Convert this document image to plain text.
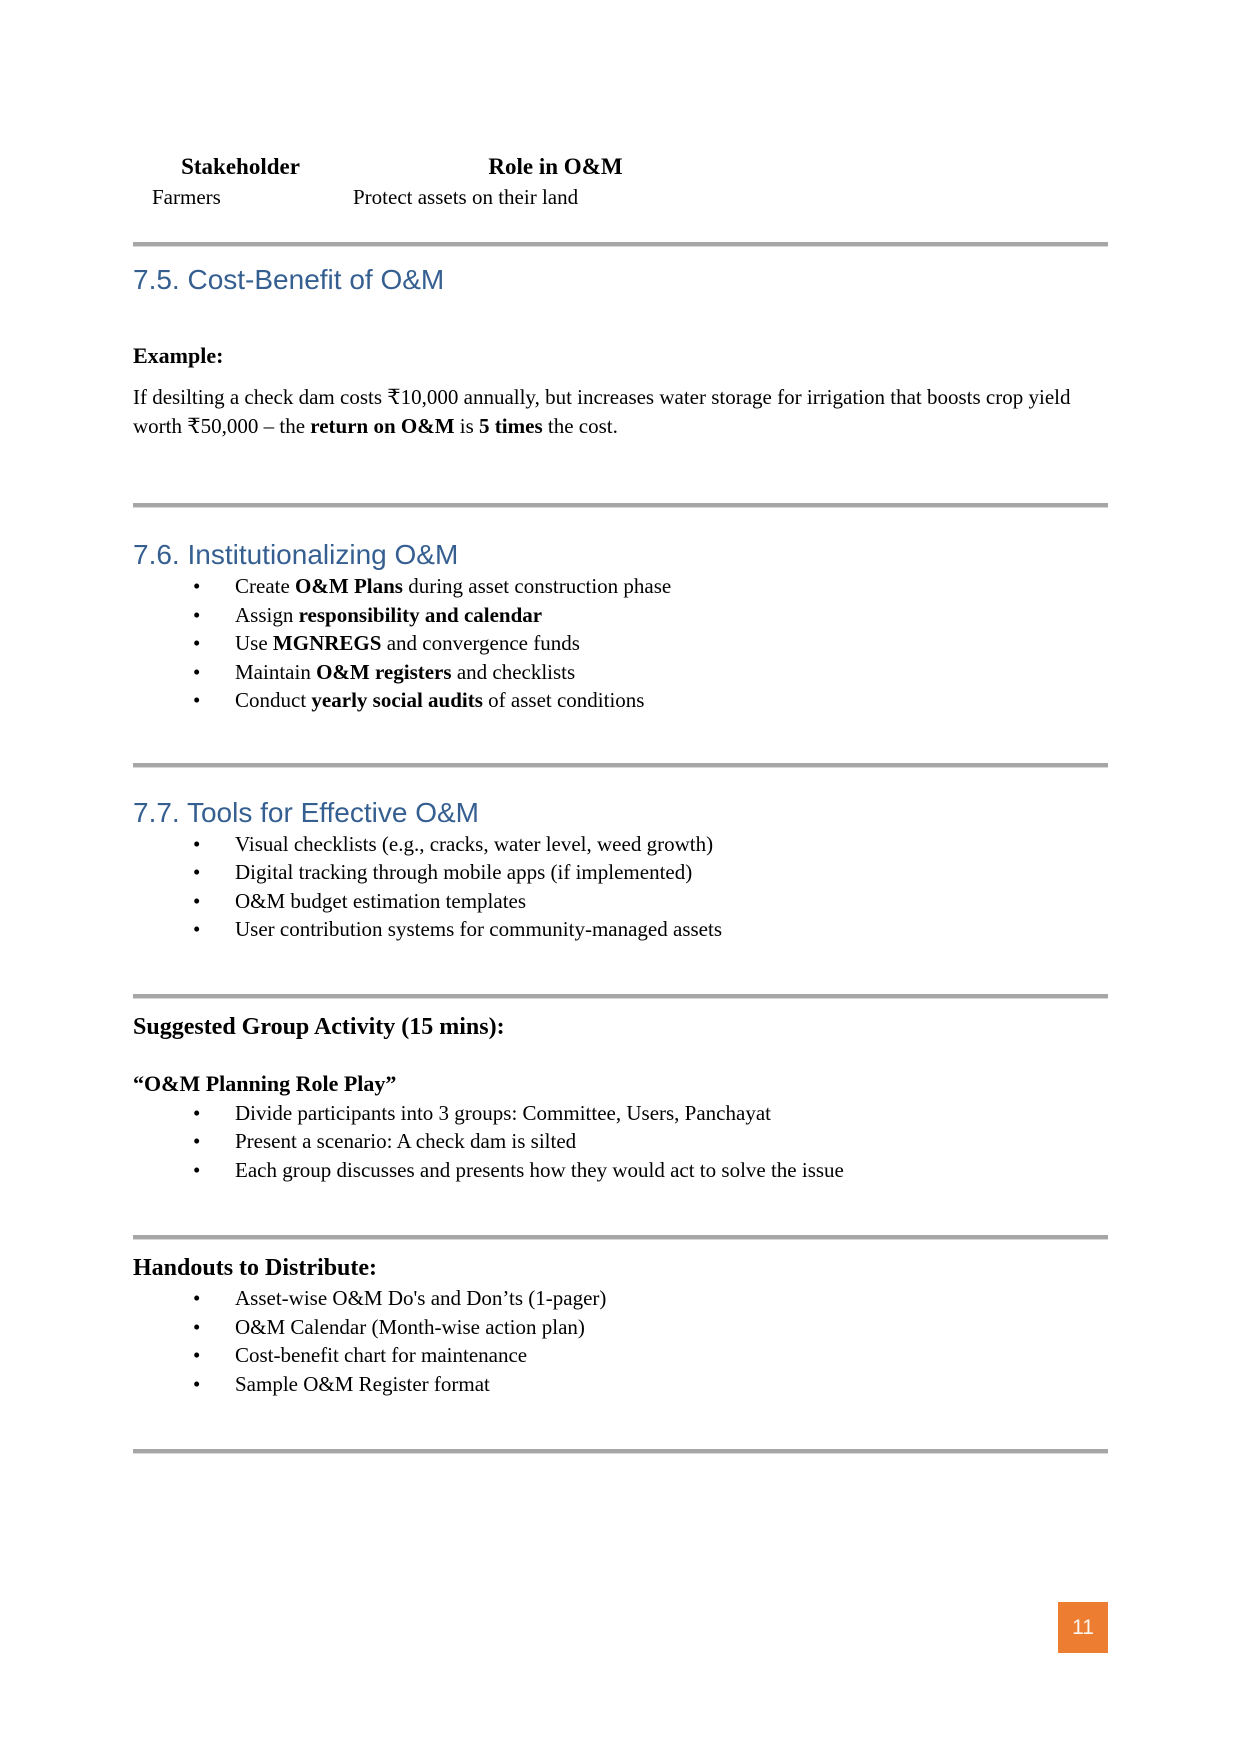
Stakeholder	Role in O&M
Farmers	Protect assets on their land
7.5. Cost-Benefit of O&M
Example:

If desilting a check dam costs ₹10,000 annually, but increases water storage for irrigation that boosts crop yield worth ₹50,000 – the return on O&M is 5 times the cost.

7.6. Institutionalizing O&M
• Create O&M Plans during asset construction phase
• Assign responsibility and calendar
• Use MGNREGS and convergence funds
• Maintain O&M registers and checklists
• Conduct yearly social audits of asset conditions
7.7. Tools for Effective O&M
• Visual checklists (e.g., cracks, water level, weed growth)
• Digital tracking through mobile apps (if implemented)
• O&M budget estimation templates
• User contribution systems for community-managed assets
Suggested Group Activity (15 mins):
“O&M Planning Role Play”
• Divide participants into 3 groups: Committee, Users, Panchayat
• Present a scenario: A check dam is silted
• Each group discusses and presents how they would act to solve the issue
Handouts to Distribute:
• Asset-wise O&M Do's and Don’ts (1-pager)
• O&M Calendar (Month-wise action plan)
• Cost-benefit chart for maintenance
• Sample O&M Register format
11
